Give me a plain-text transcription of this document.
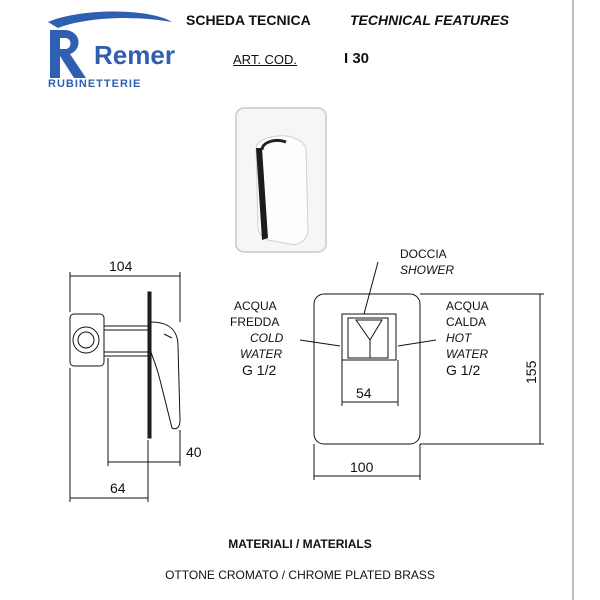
Remer
RUBINETTERIE
SCHEDA TECNICA	TECHNICAL FEATURES
ART. COD.	I 30
104
40
64
54
100
155
DOCCIA
SHOWER
ACQUA
FREDDA
COLD
WATER
G 1/2
ACQUA
CALDA
HOT
WATER
G 1/2
MATERIALI / MATERIALS
OTTONE CROMATO / CHROME PLATED BRASS
